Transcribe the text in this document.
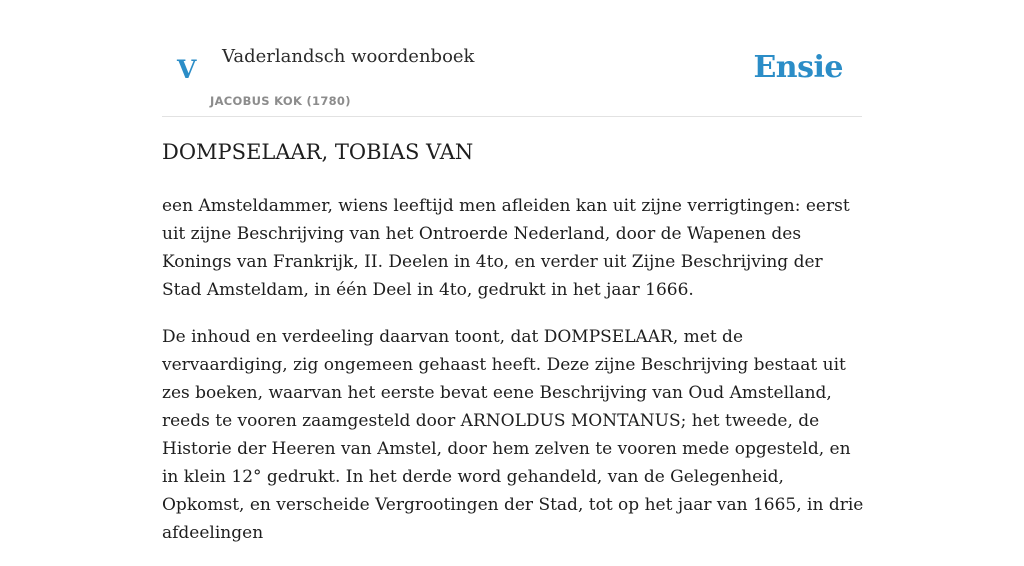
V Vaderlandsch woordenboek
JACOBUS KOK (1780)
Ensie
DOMPSELAAR, TOBIAS VAN

een Amsteldammer, wiens leeftijd men afleiden kan uit zijne verrigtingen: eerst uit zijne Beschrijving van het Ontroerde Nederland, door de Wapenen des Konings van Frankrijk, II. Deelen in 4to, en verder uit Zijne Beschrijving der Stad Amsteldam, in één Deel in 4to, gedrukt in het jaar 1666.

De inhoud en verdeeling daarvan toont, dat DOMPSELAAR, met de vervaardiging, zig ongemeen gehaast heeft. Deze zijne Beschrijving bestaat uit zes boeken, waarvan het eerste bevat eene Beschrijving van Oud Amstelland, reeds te vooren zaamgesteld door ARNOLDUS MONTANUS; het tweede, de Historie der Heeren van Amstel, door hem zelven te vooren mede opgesteld, en in klein 12° gedrukt. In het derde word gehandeld, van de Gelegenheid, Opkomst, en verscheide Vergrootingen der Stad, tot op het jaar van 1665, in drie afdeelingen
